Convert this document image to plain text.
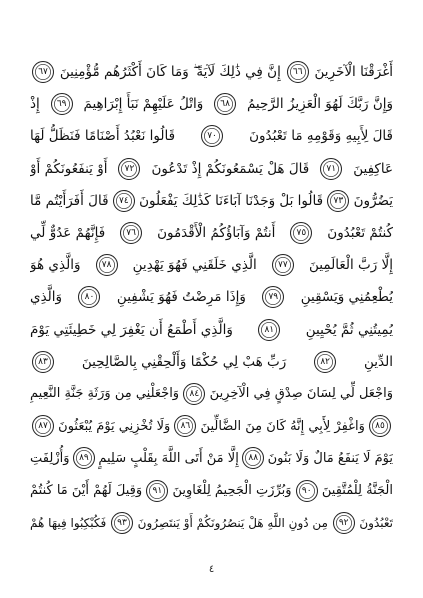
أَغْرَقْنَا الْآخَرِينَ
٦٦
إِنَّ فِي ذَٰلِكَ لَآيَةً ۖ وَمَا كَانَ أَكْثَرُهُم مُّؤْمِنِينَ
٦٧
وَإِنَّ رَبَّكَ لَهُوَ الْعَزِيزُ الرَّحِيمُ
٦٨
وَاتْلُ عَلَيْهِمْ نَبَأَ إِبْرَاهِيمَ
٦٩
إِذْ
قَالَ لِأَبِيهِ وَقَوْمِهِ مَا تَعْبُدُونَ
٧٠
قَالُوا نَعْبُدُ أَصْنَامًا فَنَظَلُّ لَهَا
عَاكِفِينَ
٧١
قَالَ هَلْ يَسْمَعُونَكُمْ إِذْ تَدْعُونَ
٧٢
أَوْ يَنفَعُونَكُمْ أَوْ
يَضُرُّونَ
٧٣
قَالُوا بَلْ وَجَدْنَا آبَاءَنَا كَذَٰلِكَ يَفْعَلُونَ
٧٤
قَالَ أَفَرَأَيْتُم مَّا
كُنتُمْ تَعْبُدُونَ
٧٥
أَنتُمْ وَآبَاؤُكُمُ الْأَقْدَمُونَ
٧٦
فَإِنَّهُمْ عَدُوٌّ لِّي
إِلَّا رَبَّ الْعَالَمِينَ
٧٧
الَّذِي خَلَقَنِي فَهُوَ يَهْدِينِ
٧٨
وَالَّذِي هُوَ
يُطْعِمُنِي وَيَسْقِينِ
٧٩
وَإِذَا مَرِضْتُ فَهُوَ يَشْفِينِ
٨٠
وَالَّذِي
يُمِيتُنِي ثُمَّ يُحْيِينِ
٨١
وَالَّذِي أَطْمَعُ أَن يَغْفِرَ لِي خَطِيئَتِي يَوْمَ
الدِّينِ
٨٢
رَبِّ هَبْ لِي حُكْمًا وَأَلْحِقْنِي بِالصَّالِحِينَ
٨٣
وَاجْعَل لِّي لِسَانَ صِدْقٍ فِي الْآخِرِينَ
٨٤
وَاجْعَلْنِي مِن وَرَثَةِ جَنَّةِ النَّعِيمِ
٨٥
وَاغْفِرْ لِأَبِي إِنَّهُ كَانَ مِنَ الضَّالِّينَ
٨٦
وَلَا تُخْزِنِي يَوْمَ يُبْعَثُونَ
٨٧
يَوْمَ لَا يَنفَعُ مَالٌ وَلَا بَنُونَ
٨٨
إِلَّا مَنْ أَتَى اللَّهَ بِقَلْبٍ سَلِيمٍ
٨٩
وَأُزْلِفَتِ
الْجَنَّةُ لِلْمُتَّقِينَ
٩٠
وَبُرِّزَتِ الْجَحِيمُ لِلْغَاوِينَ
٩١
وَقِيلَ لَهُمْ أَيْنَ مَا كُنتُمْ
تَعْبُدُونَ
٩٢
مِن دُونِ اللَّهِ هَلْ يَنصُرُونَكُمْ أَوْ يَنتَصِرُونَ
٩٣
فَكُبْكِبُوا فِيهَا هُمْ
٤
